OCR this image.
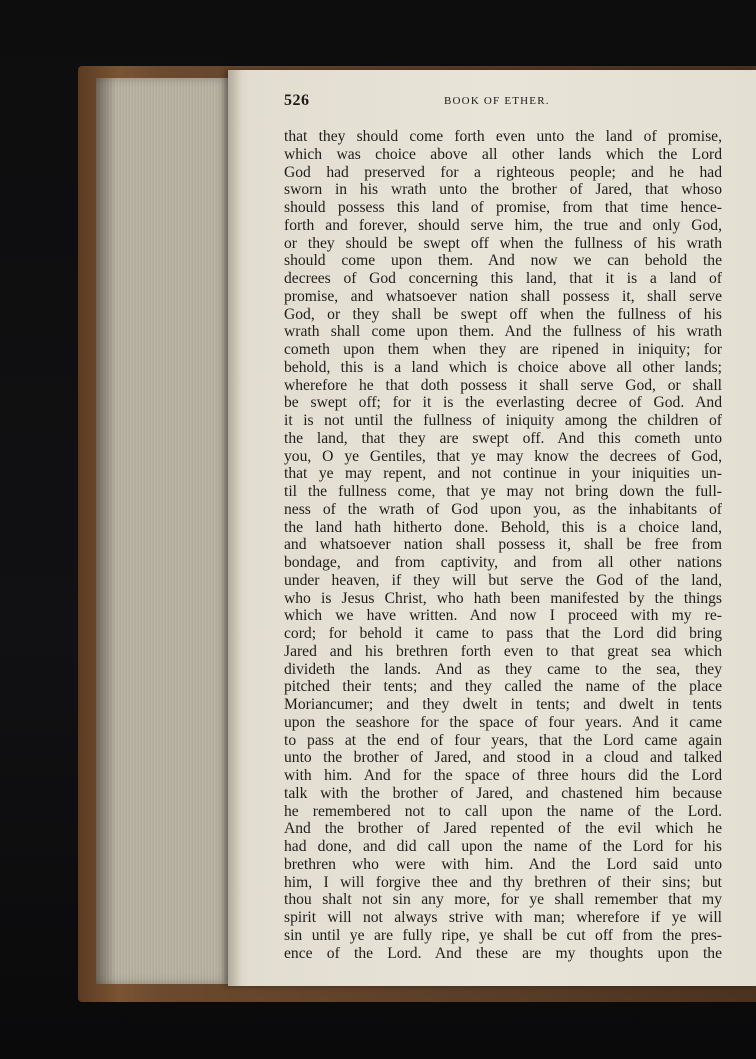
526	BOOK OF ETHER.
that they should come forth even unto the land of promise,
which was choice above all other lands which the Lord
God had preserved for a righteous people; and he had
sworn in his wrath unto the brother of Jared, that whoso
should possess this land of promise, from that time hence-
forth and forever, should serve him, the true and only God,
or they should be swept off when the fullness of his wrath
should come upon them. And now we can behold the
decrees of God concerning this land, that it is a land of
promise, and whatsoever nation shall possess it, shall serve
God, or they shall be swept off when the fullness of his
wrath shall come upon them. And the fullness of his wrath
cometh upon them when they are ripened in iniquity; for
behold, this is a land which is choice above all other lands;
wherefore he that doth possess it shall serve God, or shall
be swept off; for it is the everlasting decree of God. And
it is not until the fullness of iniquity among the children of
the land, that they are swept off. And this cometh unto
you, O ye Gentiles, that ye may know the decrees of God,
that ye may repent, and not continue in your iniquities un-
til the fullness come, that ye may not bring down the full-
ness of the wrath of God upon you, as the inhabitants of
the land hath hitherto done. Behold, this is a choice land,
and whatsoever nation shall possess it, shall be free from
bondage, and from captivity, and from all other nations
under heaven, if they will but serve the God of the land,
who is Jesus Christ, who hath been manifested by the things
which we have written. And now I proceed with my re-
cord; for behold it came to pass that the Lord did bring
Jared and his brethren forth even to that great sea which
divideth the lands. And as they came to the sea, they
pitched their tents; and they called the name of the place
Moriancumer; and they dwelt in tents; and dwelt in tents
upon the seashore for the space of four years. And it came
to pass at the end of four years, that the Lord came again
unto the brother of Jared, and stood in a cloud and talked
with him. And for the space of three hours did the Lord
talk with the brother of Jared, and chastened him because
he remembered not to call upon the name of the Lord.
And the brother of Jared repented of the evil which he
had done, and did call upon the name of the Lord for his
brethren who were with him. And the Lord said unto
him, I will forgive thee and thy brethren of their sins; but
thou shalt not sin any more, for ye shall remember that my
spirit will not always strive with man; wherefore if ye will
sin until ye are fully ripe, ye shall be cut off from the pres-
ence of the Lord. And these are my thoughts upon the
